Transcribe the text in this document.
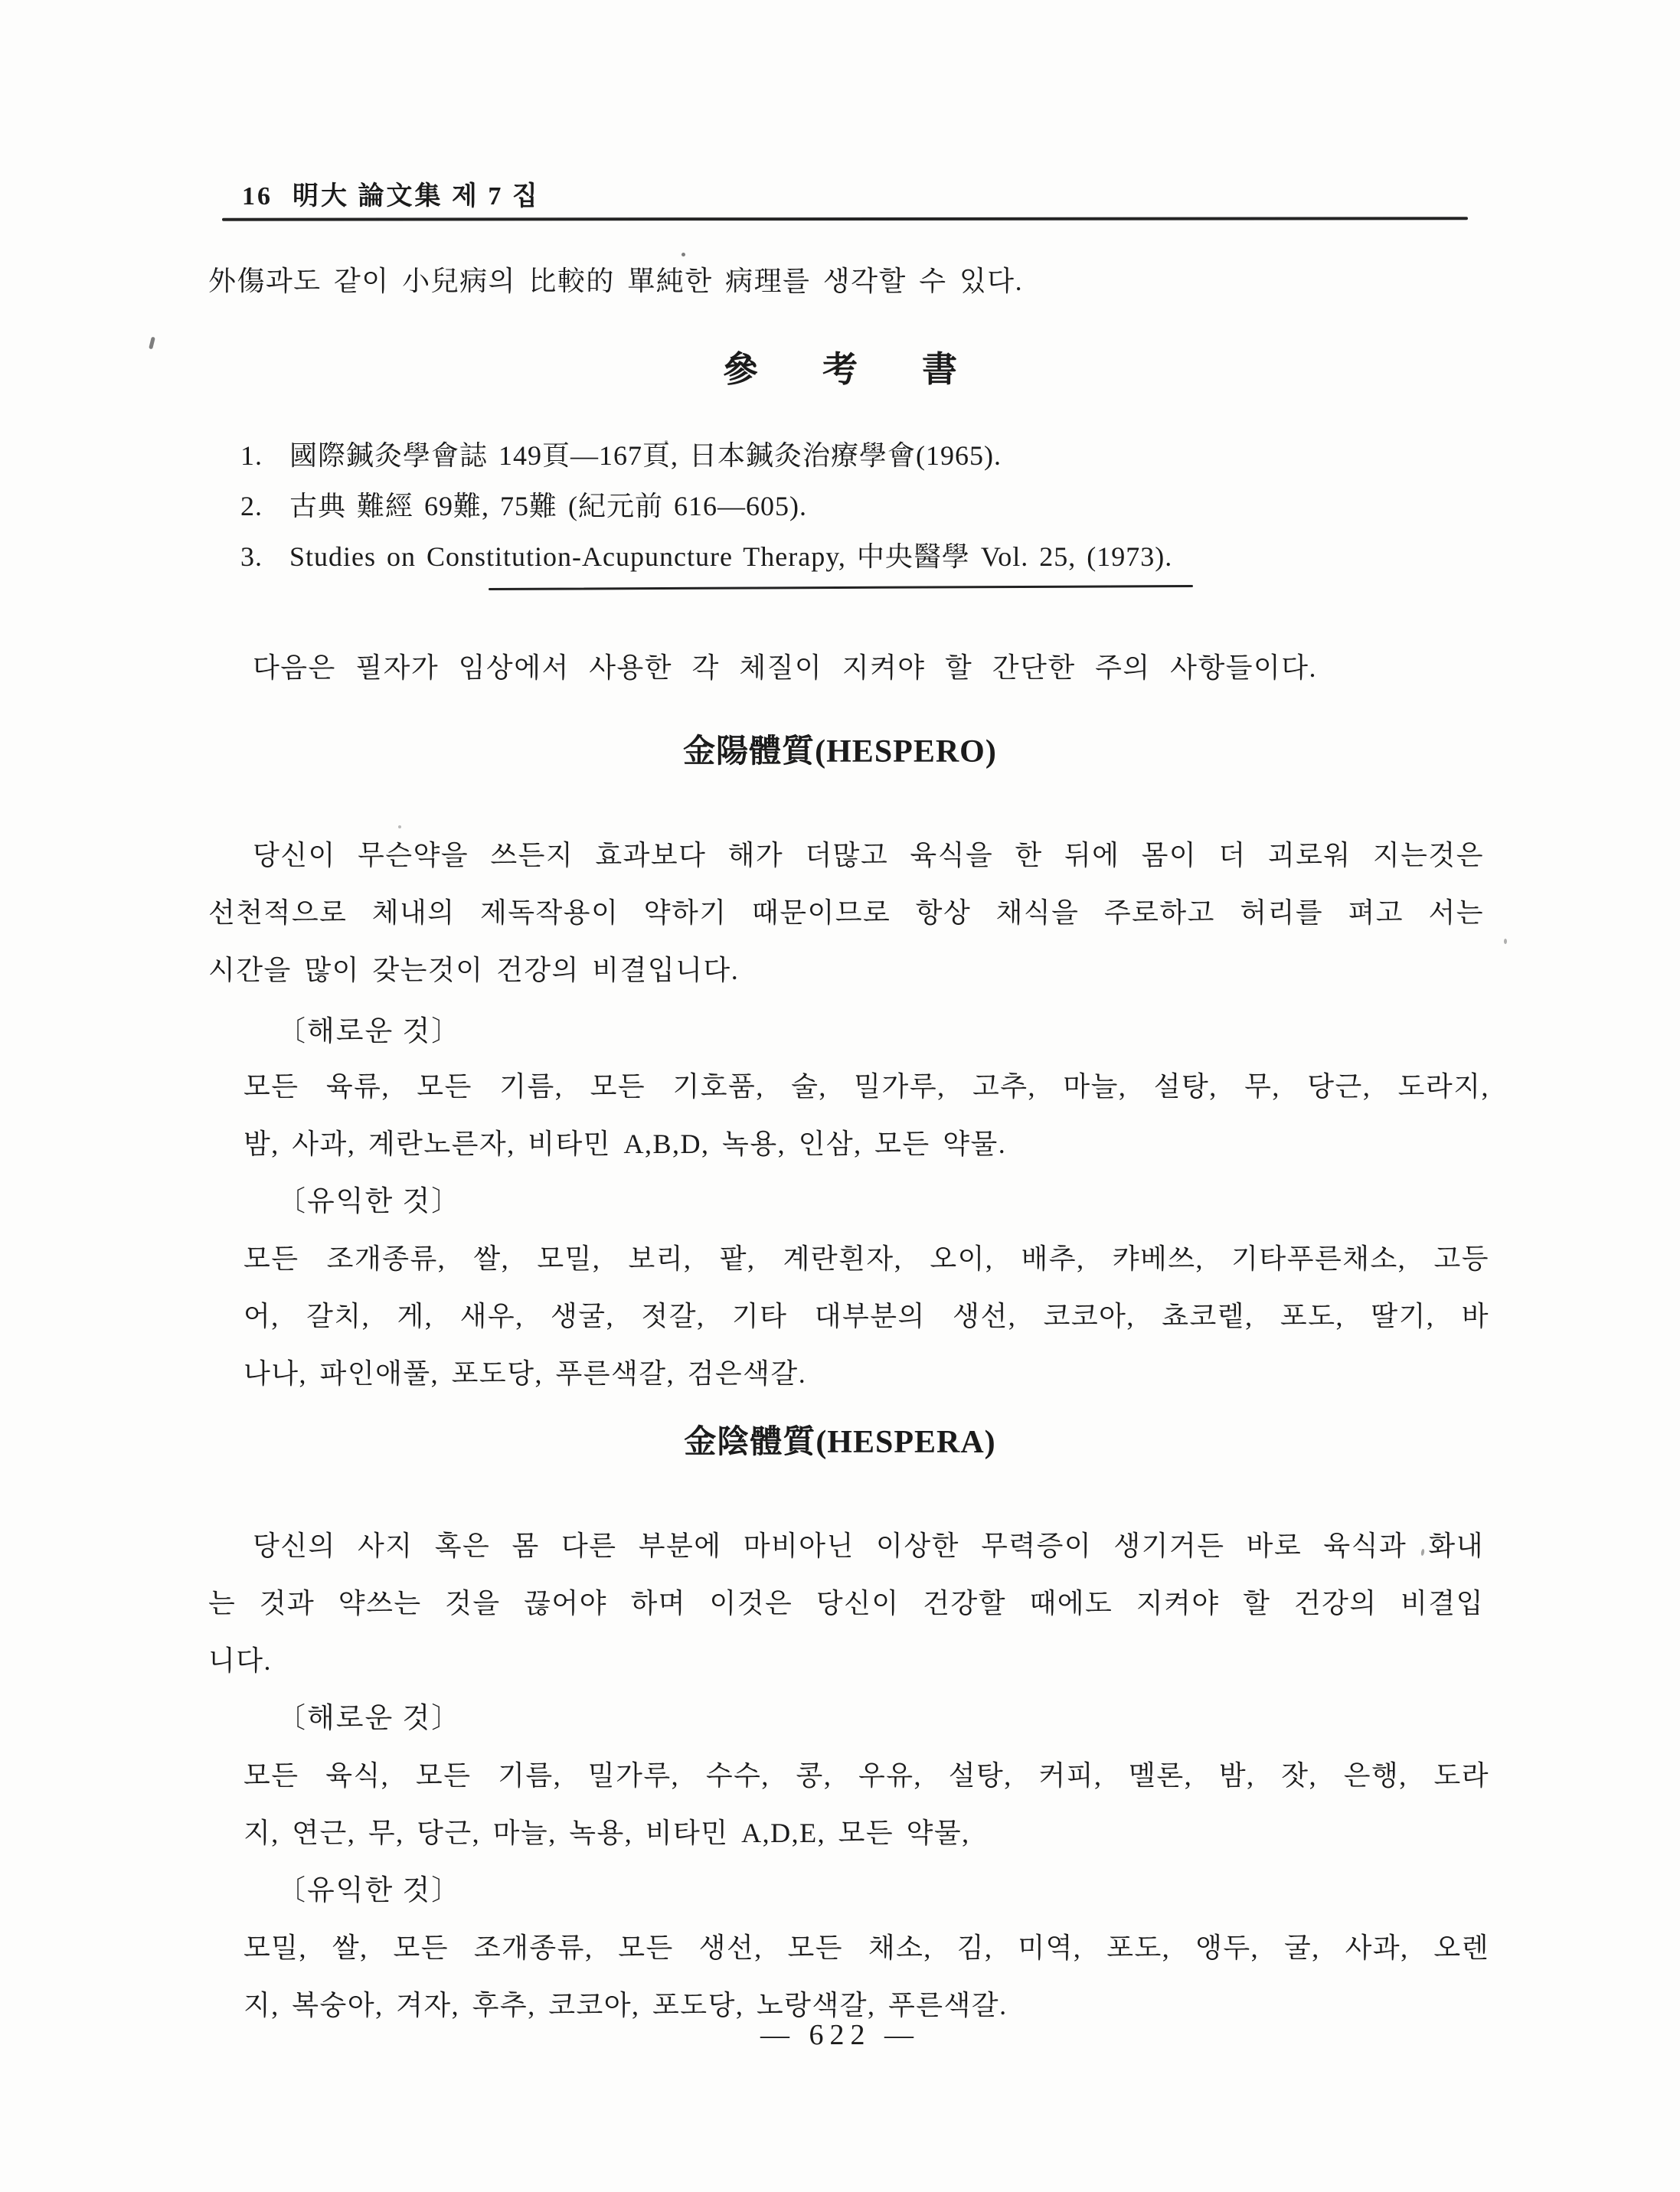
16 明大 論文集 제 7 집
外傷과도 같이 小兒病의 比較的 單純한 病理를 생각할 수 있다.
參考書
1. 國際鍼灸學會誌 149頁—167頁, 日本鍼灸治療學會(1965).
2. 古典 難經 69難, 75難 (紀元前 616—605).
3. Studies on Constitution-Acupuncture Therapy, 中央醫學 Vol. 25, (1973).
다음은 필자가 임상에서 사용한 각 체질이 지켜야 할 간단한 주의 사항들이다.
金陽體質(HESPERO)
당신이 무슨약을 쓰든지 효과보다 해가 더많고 육식을 한 뒤에 몸이 더 괴로워 지는것은
선천적으로 체내의 제독작용이 약하기 때문이므로 항상 채식을 주로하고 허리를 펴고 서는
시간을 많이 갖는것이 건강의 비결입니다.
〔해로운 것〕
모든 육류, 모든 기름, 모든 기호품, 술, 밀가루, 고추, 마늘, 설탕, 무, 당근, 도라지,
밤, 사과, 계란노른자, 비타민 A,B,D, 녹용, 인삼, 모든 약물.
〔유익한 것〕
모든 조개종류, 쌀, 모밀, 보리, 팥, 계란흰자, 오이, 배추, 캬베쓰, 기타푸른채소, 고등
어, 갈치, 게, 새우, 생굴, 젓갈, 기타 대부분의 생선, 코코아, 쵸코렡, 포도, 딸기, 바
나나, 파인애풀, 포도당, 푸른색갈, 검은색갈.
金陰體質(HESPERA)
당신의 사지 혹은 몸 다른 부분에 마비아닌 이상한 무력증이 생기거든 바로 육식과 화내
는 것과 약쓰는 것을 끊어야 하며 이것은 당신이 건강할 때에도 지켜야 할 건강의 비결입
니다.
〔해로운 것〕
모든 육식, 모든 기름, 밀가루, 수수, 콩, 우유, 설탕, 커피, 멜론, 밤, 잣, 은행, 도라
지, 연근, 무, 당근, 마늘, 녹용, 비타민 A,D,E, 모든 약물,
〔유익한 것〕
모밀, 쌀, 모든 조개종류, 모든 생선, 모든 채소, 김, 미역, 포도, 앵두, 굴, 사과, 오렌
지, 복숭아, 겨자, 후추, 코코아, 포도당, 노랑색갈, 푸른색갈.
— 622 —
